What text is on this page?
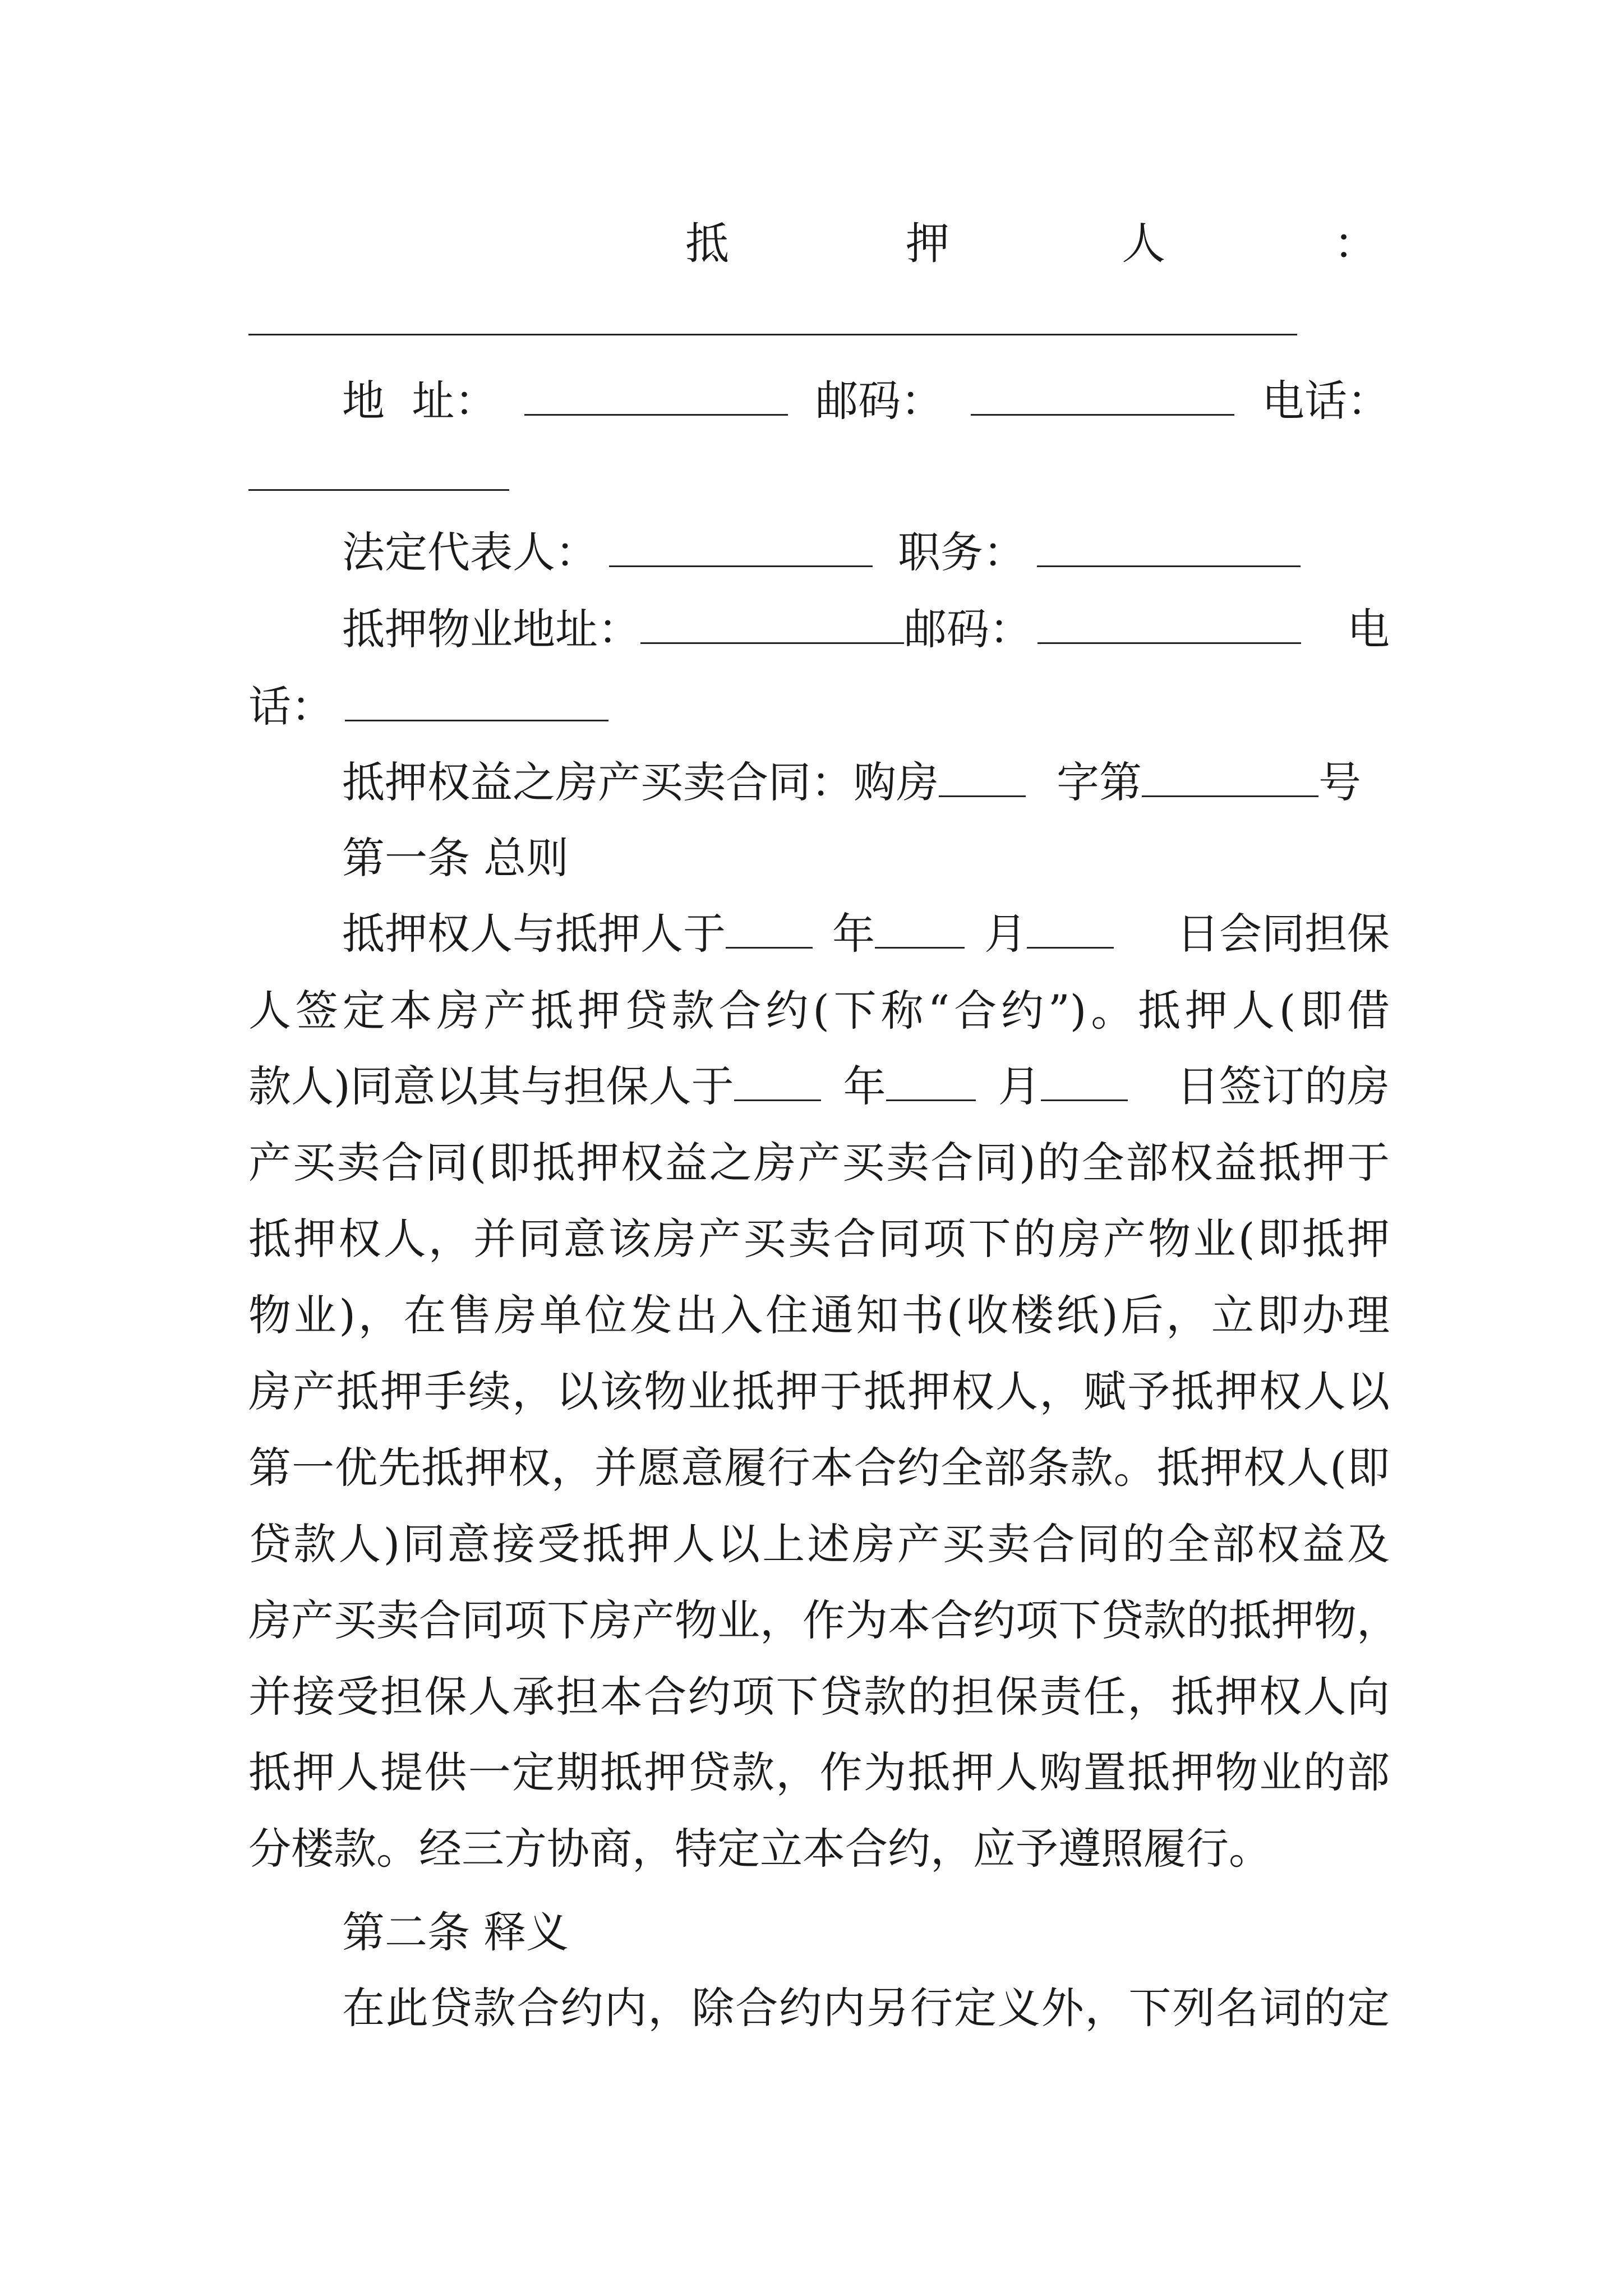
抵	押	人	：
地  址：	邮码：	电话：
法定代表人：	职务：
抵押物业地址：	邮码：	电
话：
抵押权益之房产买卖合同：购房	字第	号
第一条 总则
抵押权人与抵押人于	年	月	日会同担保
人签定本房产抵押贷款合约(下称“合约”)。抵押人(即借
款人)同意以其与担保人于	年	月	日签订的房
产买卖合同(即抵押权益之房产买卖合同)的全部权益抵押于
抵押权人，并同意该房产买卖合同项下的房产物业(即抵押
物业)，在售房单位发出入住通知书(收楼纸)后，立即办理
房产抵押手续，以该物业抵押于抵押权人，赋予抵押权人以
第一优先抵押权，并愿意履行本合约全部条款。抵押权人(即
贷款人)同意接受抵押人以上述房产买卖合同的全部权益及
房产买卖合同项下房产物业，作为本合约项下贷款的抵押物，
并接受担保人承担本合约项下贷款的担保责任，抵押权人向
抵押人提供一定期抵押贷款，作为抵押人购置抵押物业的部
分楼款。经三方协商，特定立本合约，应予遵照履行。
第二条 释义
在此贷款合约内，除合约内另行定义外，下列名词的定
